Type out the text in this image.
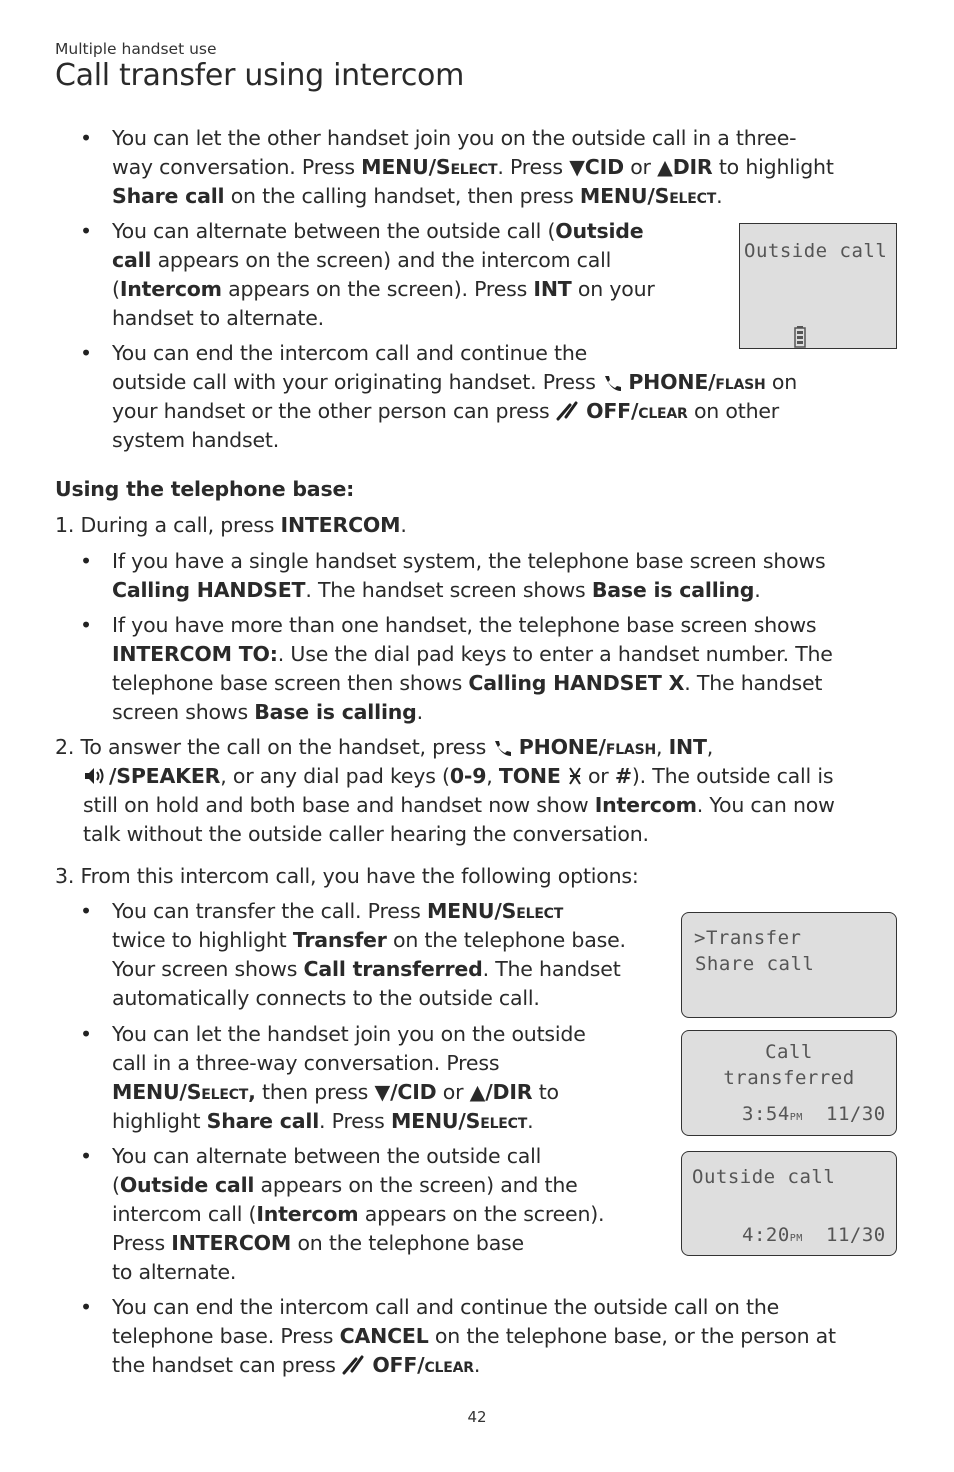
Multiple handset use
Call transfer using intercom
• You can let the other handset join you on the outside call in a three-
way conversation. Press MENU/Select. Press ▼CID or ▲DIR to highlight
Share call on the calling handset, then press MENU/Select.
• You can alternate between the outside call (Outside
call appears on the screen) and the intercom call
(Intercom appears on the screen). Press INT on your
handset to alternate.
Outside call

• You can end the intercom call and continue the
outside call with your originating handset. Press  PHONE/flash on
your handset or the other person can press  OFF/clear on other
system handset.
Using the telephone base:
1. During a call, press INTERCOM.
• If you have a single handset system, the telephone base screen shows
Calling HANDSET. The handset screen shows Base is calling.
• If you have more than one handset, the telephone base screen shows
INTERCOM TO:. Use the dial pad keys to enter a handset number. The
telephone base screen then shows Calling HANDSET X. The handset
screen shows Base is calling.
2. To answer the call on the handset, press  PHONE/flash, INT,
/SPEAKER, or any dial pad keys (0-9, TONE  or #). The outside call is
still on hold and both base and handset now show Intercom. You can now
talk without the outside caller hearing the conversation.
3. From this intercom call, you have the following options:
• You can transfer the call. Press MENU/Select
twice to highlight Transfer on the telephone base.
Your screen shows Call transferred. The handset
automatically connects to the outside call.
• You can let the handset join you on the outside
call in a three-way conversation. Press
MENU/Select, then press ▼/CID or ▲/DIR to
highlight Share call. Press MENU/Select.
• You can alternate between the outside call
(Outside call appears on the screen) and the
intercom call (Intercom appears on the screen).
Press INTERCOM on the telephone base
to alternate.
• You can end the intercom call and continue the outside call on the
telephone base. Press CANCEL on the telephone base, or the person at
the handset can press  OFF/clear.
>Transfer
Share call
Call
transferred
3:54PM 11/30
Outside call
4:20PM 11/30
42
